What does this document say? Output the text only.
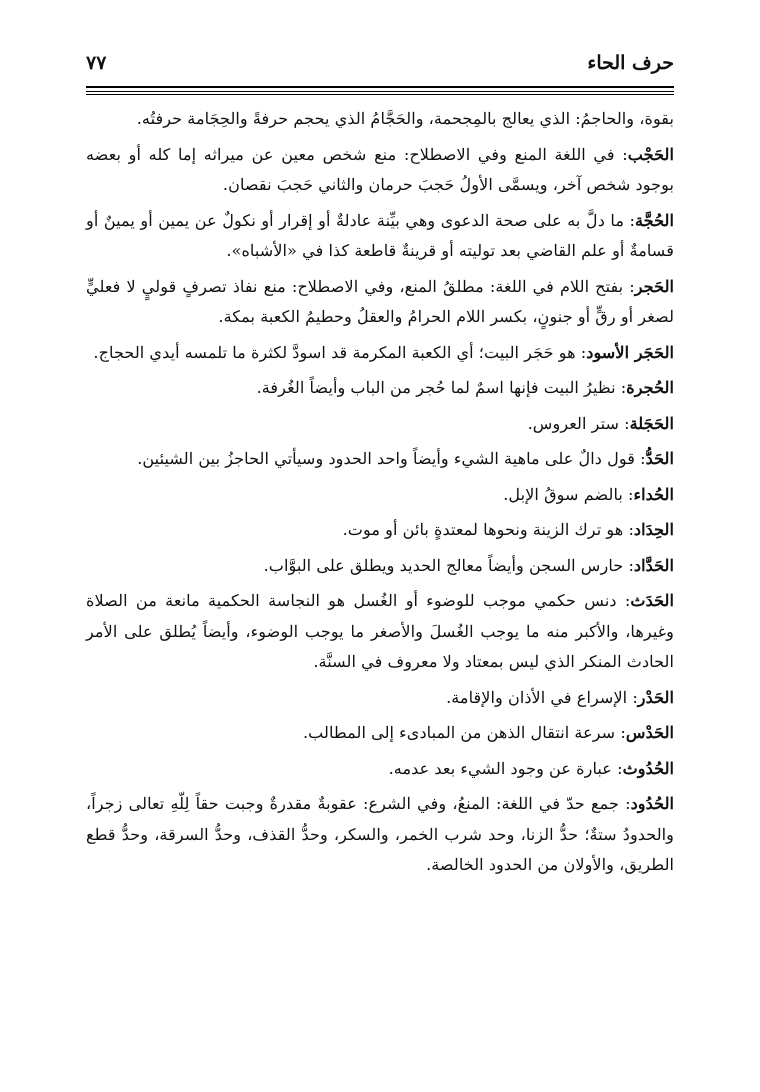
٧٧	حرف الحاء

بقوة، والحاجمُ: الذي يعالج بالمِجحمة، والحَجَّامُ الذي يحجم حرفةً والحِجَامة حرفتُه.

الحَجْب: في اللغة المنع وفي الاصطلاح: منع شخص معين عن ميراثه إما كله أو بعضه بوجود شخص آخر، ويسمَّى الأولُ حَجبَ حرمان والثاني حَجبَ نقصان.

الحُجَّة: ما دلَّ به على صحة الدعوى وهي بيِّنة عادلةٌ أو إقرار أو نكولٌ عن يمين أو يمينٌ أو قسامةٌ أو علم القاضي بعد توليته أو قرينةٌ قاطعة كذا في «الأشباه».

الحَجر: بفتح اللام في اللغة: مطلقُ المنع، وفي الاصطلاح: منع نفاذ تصرفٍ قوليٍ لا فعليٍّ لصغر أو رقٍّ أو جنونٍ، بكسر اللام الحرامُ والعقلُ وحطيمُ الكعبة بمكة.

الحَجَر الأسود: هو حَجَر البيت؛ أي الكعبة المكرمة قد اسودَّ لكثرة ما تلمسه أيدي الحجاج.

الحُجرة: نظيرُ البيت فإنها اسمٌ لما حُجر من الباب وأيضاً الغُرفة.

الحَجَلة: ستر العروس.

الحَدُّ: قول دالٌ على ماهية الشيء وأيضاً واحد الحدود وسيأتي الحاجزُ بين الشيئين.

الحُداء: بالضم سوقُ الإبل.

الحِدَاد: هو ترك الزينة ونحوها لمعتدةٍ بائن أو موت.

الحَدَّاد: حارس السجن وأيضاً معالج الحديد ويطلق على البوَّاب.

الحَدَث: دنس حكمي موجب للوضوء أو الغُسل هو النجاسة الحكمية مانعة من الصلاة وغيرها، والأكبر منه ما يوجب الغُسلَ والأصغر ما يوجب الوضوء، وأيضاً يُطلق على الأمر الحادث المنكر الذي ليس بمعتاد ولا معروف في السنَّة.

الحَدْر: الإسراع في الأذان والإقامة.

الحَدْس: سرعة انتقال الذهن من المبادىء إلى المطالب.

الحُدُوث: عبارة عن وجود الشيء بعد عدمه.

الحُدُود: جمع حدّ في اللغة: المنعُ، وفي الشرع: عقوبةٌ مقدرةٌ وجبت حقاً لِلّهِ تعالى زجراً، والحدودُ ستةٌ؛ حدُّ الزنا، وحد شرب الخمر، والسكر، وحدُّ القذف، وحدُّ السرقة، وحدُّ قطع الطريق، والأولان من الحدود الخالصة.
